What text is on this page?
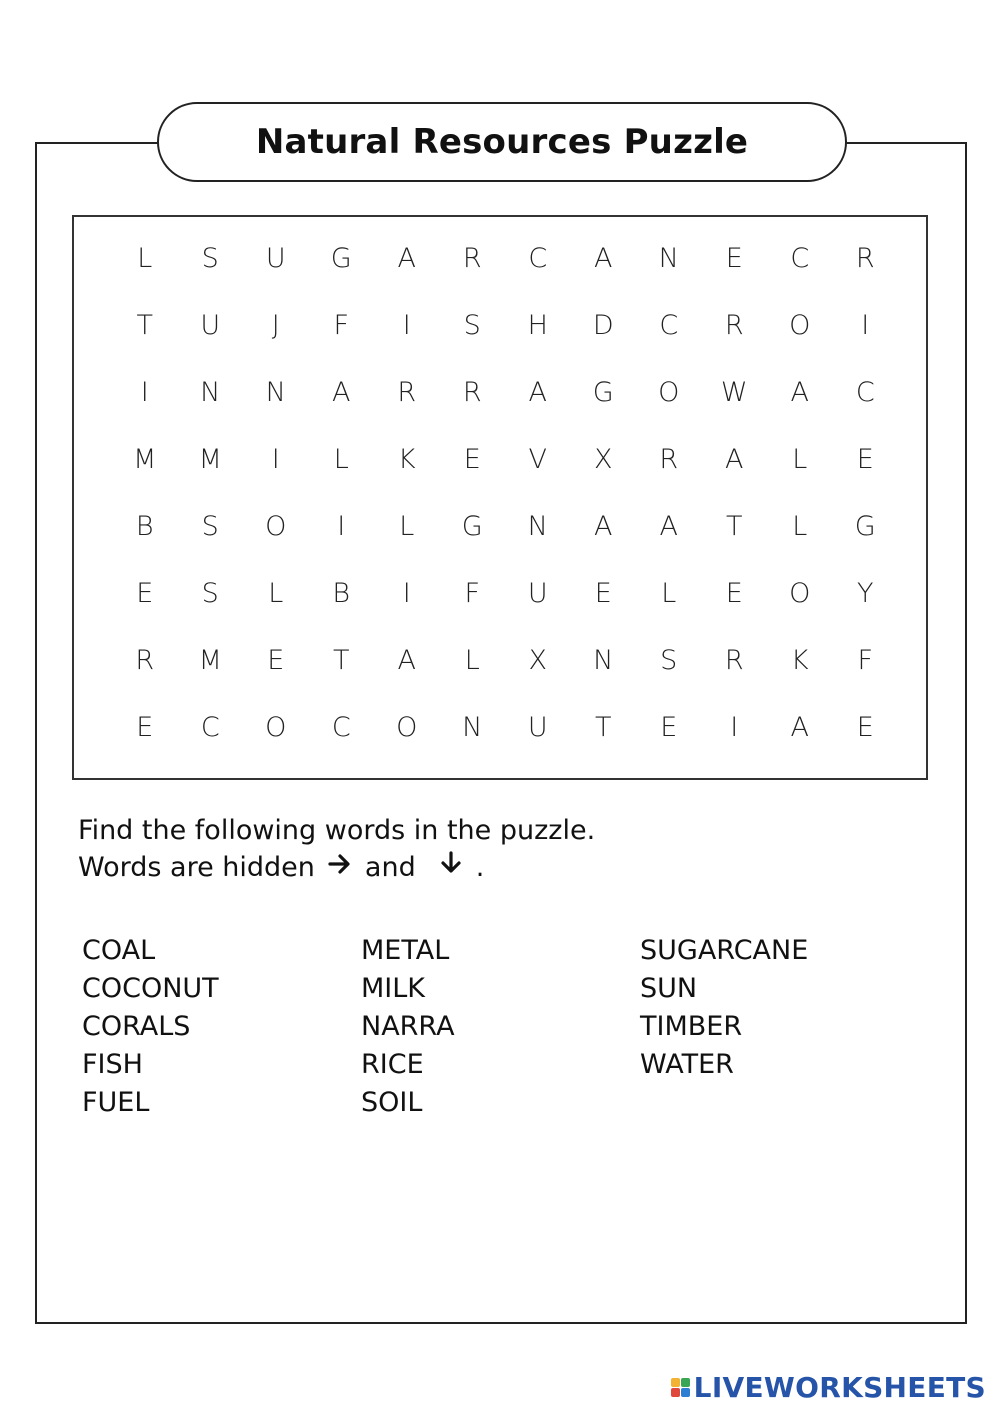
Natural Resources Puzzle
L	S	U	G	A	R	C	A	N	E	C	R
T	U	J	F	I	S	H	D	C	R	O	I
I	N	N	A	R	R	A	G	O	W	A	C
M	M	I	L	K	E	V	X	R	A	L	E
B	S	O	I	L	G	N	A	A	T	L	G
E	S	L	B	I	F	U	E	L	E	O	Y
R	M	E	T	A	L	X	N	S	R	K	F
E	C	O	C	O	N	U	T	E	I	A	E
Find the following words in the puzzle.
Words are hidden and .
COAL
COCONUT
CORALS
FISH
FUEL
METAL
MILK
NARRA
RICE
SOIL
SUGARCANE
SUN
TIMBER
WATER
LIVEWORKSHEETS
